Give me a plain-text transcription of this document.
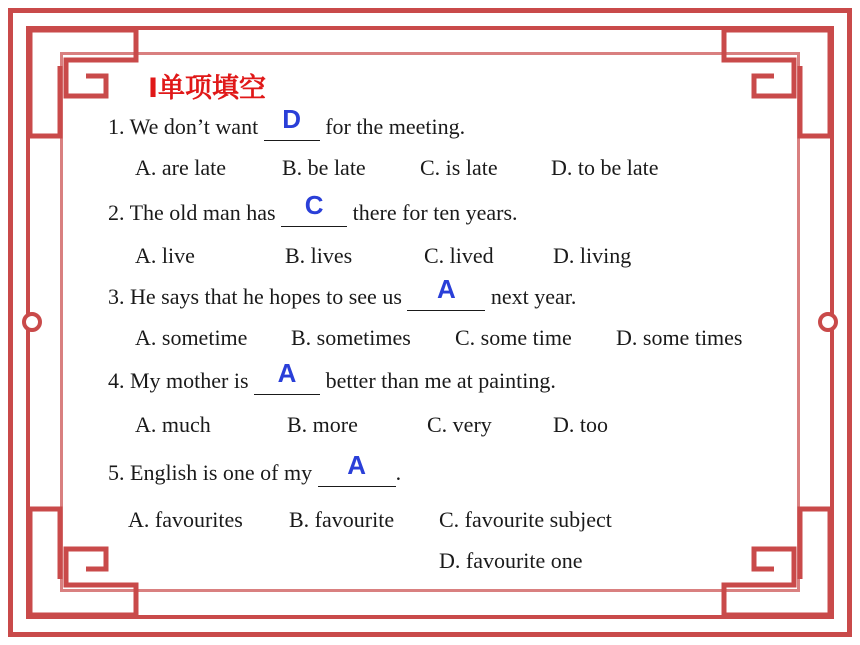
Ⅰ单项填空
1. We don’t want D for the meeting.
A. are late	B. be late C. is late D. to be late
2. The old man has C	there for ten years.
A. live	B. lives	C. lived	D. living
3. He says that he hopes to see us	A	next year.
A. sometime B. sometimes C. some time D. some times
4. My mother is A	better than me at painting.
A. much	B. more	C. very	D. too
5. English is one of my	A	.
A. favourites B. favourite C. favourite subject
D. favourite one
